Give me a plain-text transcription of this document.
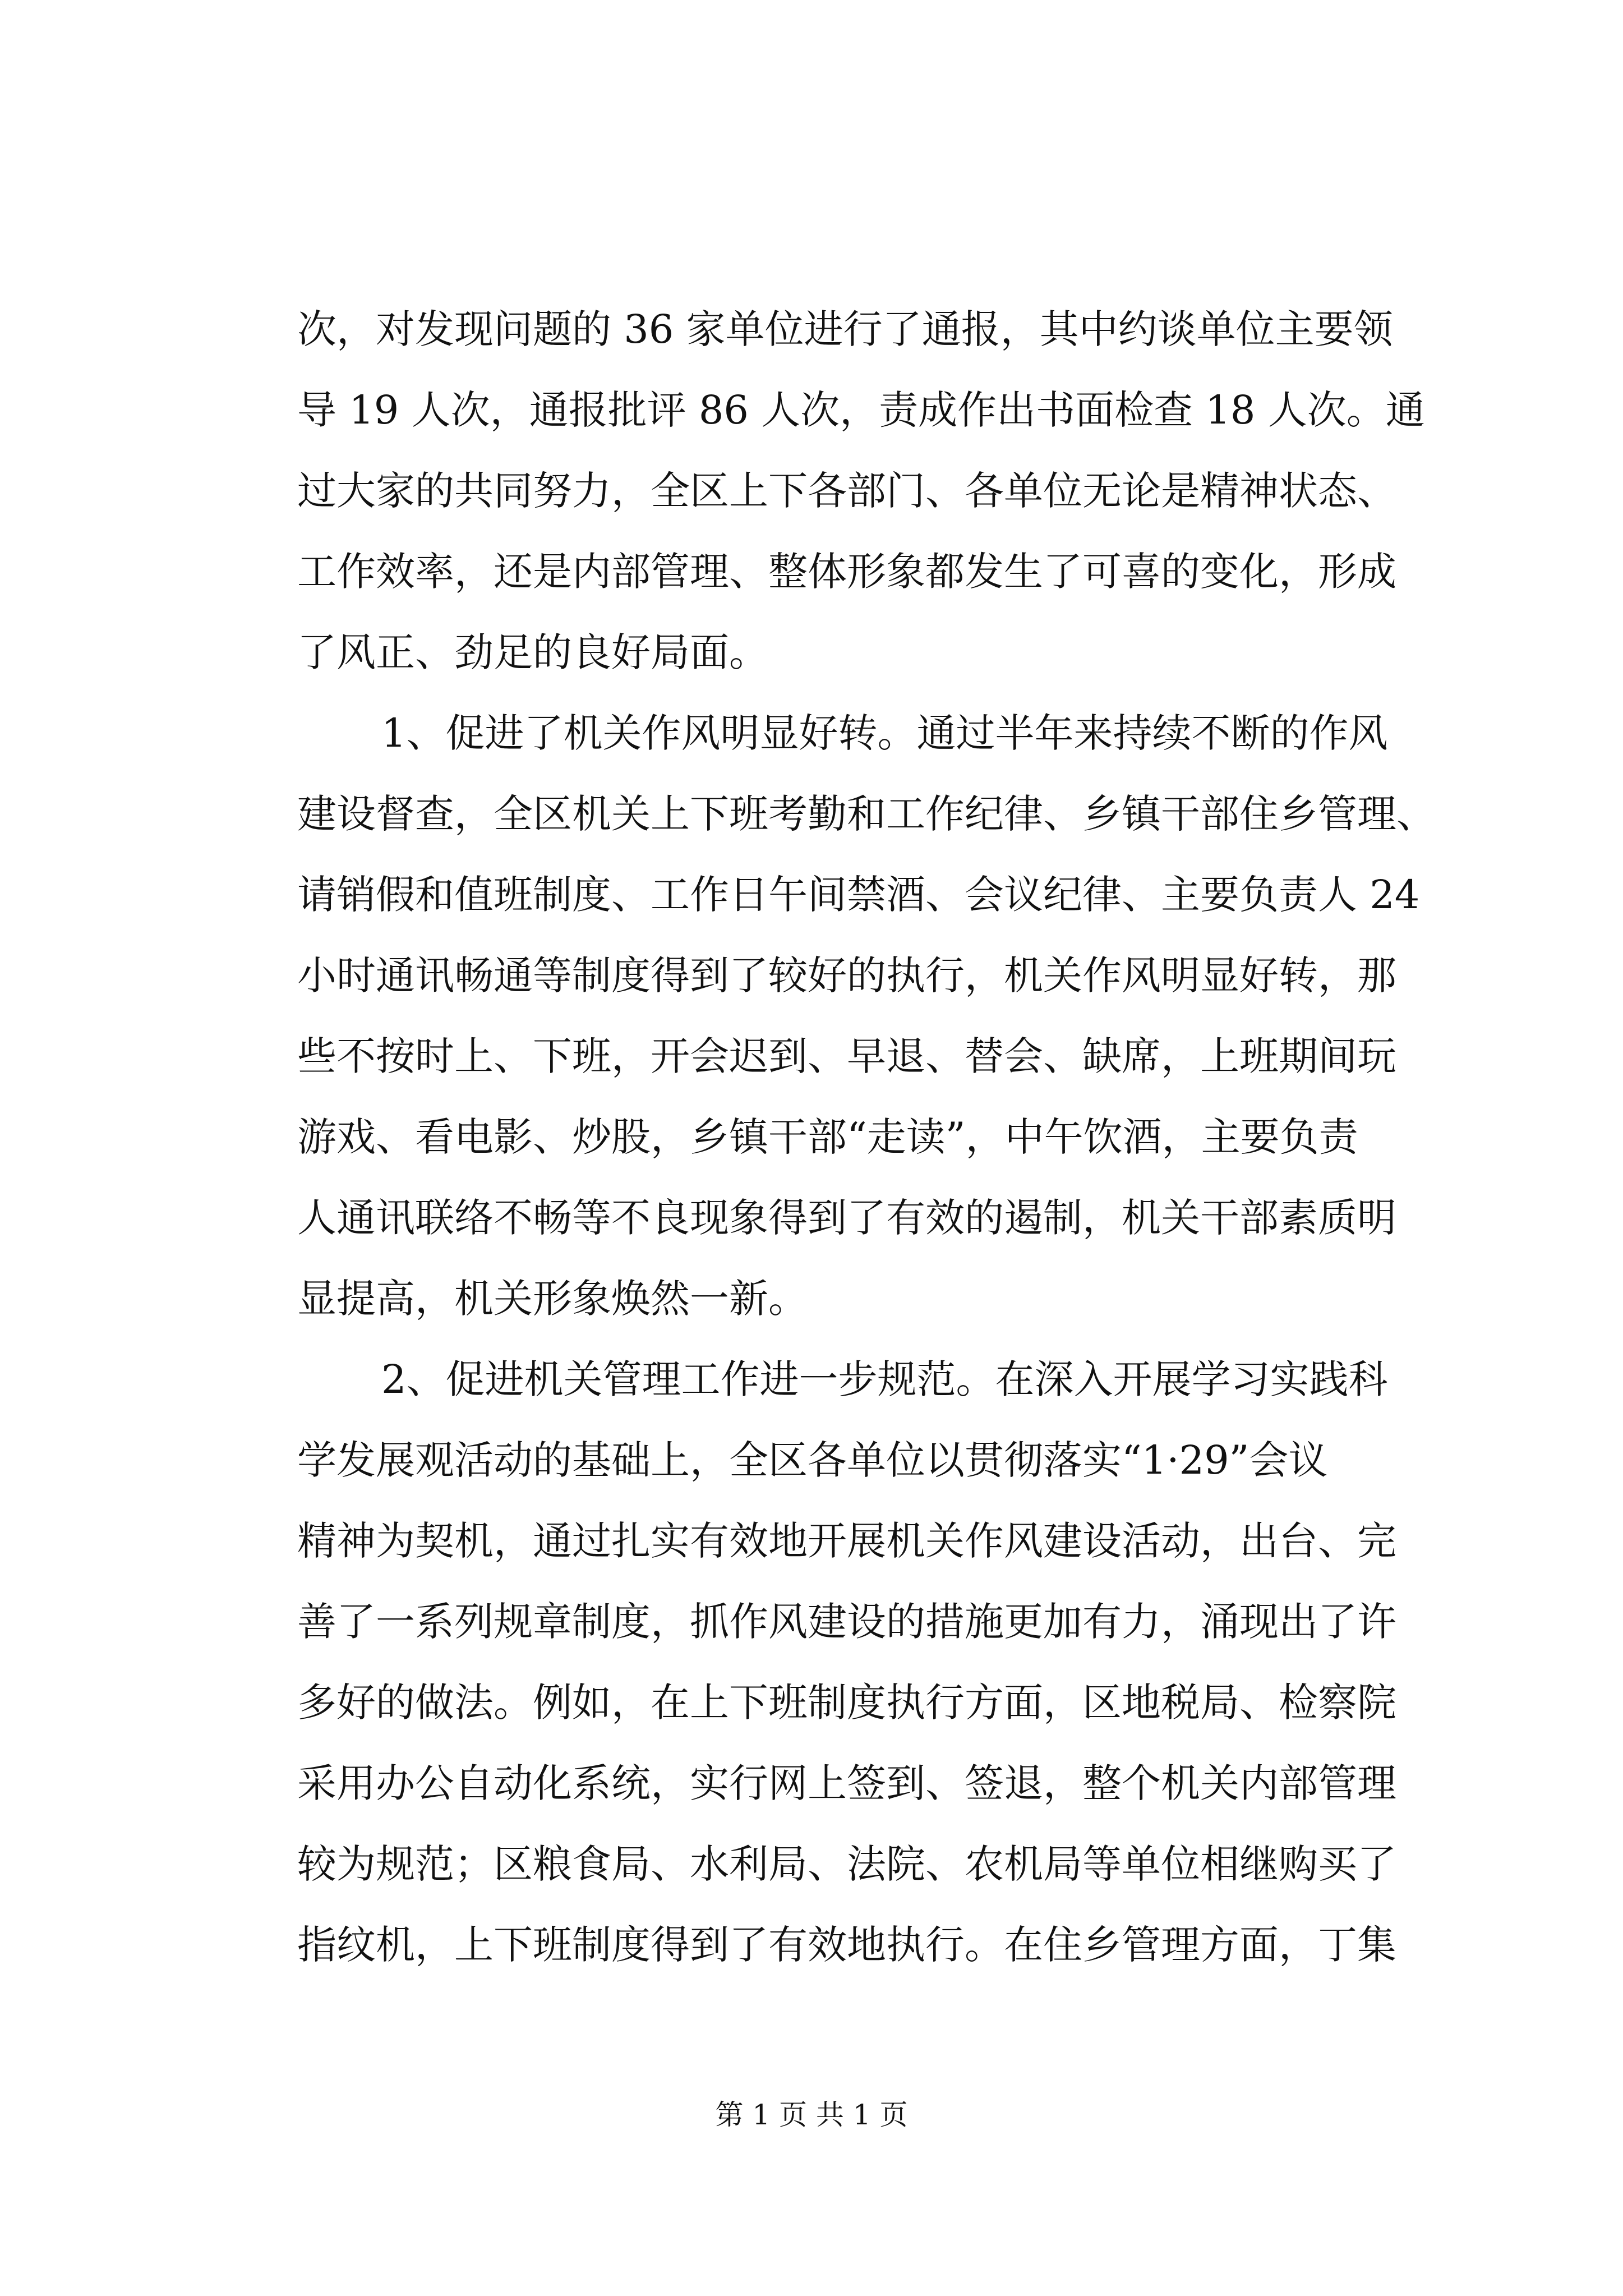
次，对发现问题的 36 家单位进行了通报，其中约谈单位主要领
导 19 人次，通报批评 86 人次，责成作出书面检查 18 人次。通
过大家的共同努力，全区上下各部门、各单位无论是精神状态、
工作效率，还是内部管理、整体形象都发生了可喜的变化，形成
了风正、劲足的良好局面。
1、促进了机关作风明显好转。通过半年来持续不断的作风
建设督查，全区机关上下班考勤和工作纪律、乡镇干部住乡管理、
请销假和值班制度、工作日午间禁酒、会议纪律、主要负责人 24
小时通讯畅通等制度得到了较好的执行，机关作风明显好转，那
些不按时上、下班，开会迟到、早退、替会、缺席，上班期间玩
游戏、看电影、炒股，乡镇干部“走读”，中午饮酒，主要负责
人通讯联络不畅等不良现象得到了有效的遏制，机关干部素质明
显提高，机关形象焕然一新。
2、促进机关管理工作进一步规范。在深入开展学习实践科
学发展观活动的基础上，全区各单位以贯彻落实“1·29”会议
精神为契机，通过扎实有效地开展机关作风建设活动，出台、完
善了一系列规章制度，抓作风建设的措施更加有力，涌现出了许
多好的做法。例如，在上下班制度执行方面，区地税局、检察院
采用办公自动化系统，实行网上签到、签退，整个机关内部管理
较为规范；区粮食局、水利局、法院、农机局等单位相继购买了
指纹机，上下班制度得到了有效地执行。在住乡管理方面，丁集
第 1 页 共 1 页
